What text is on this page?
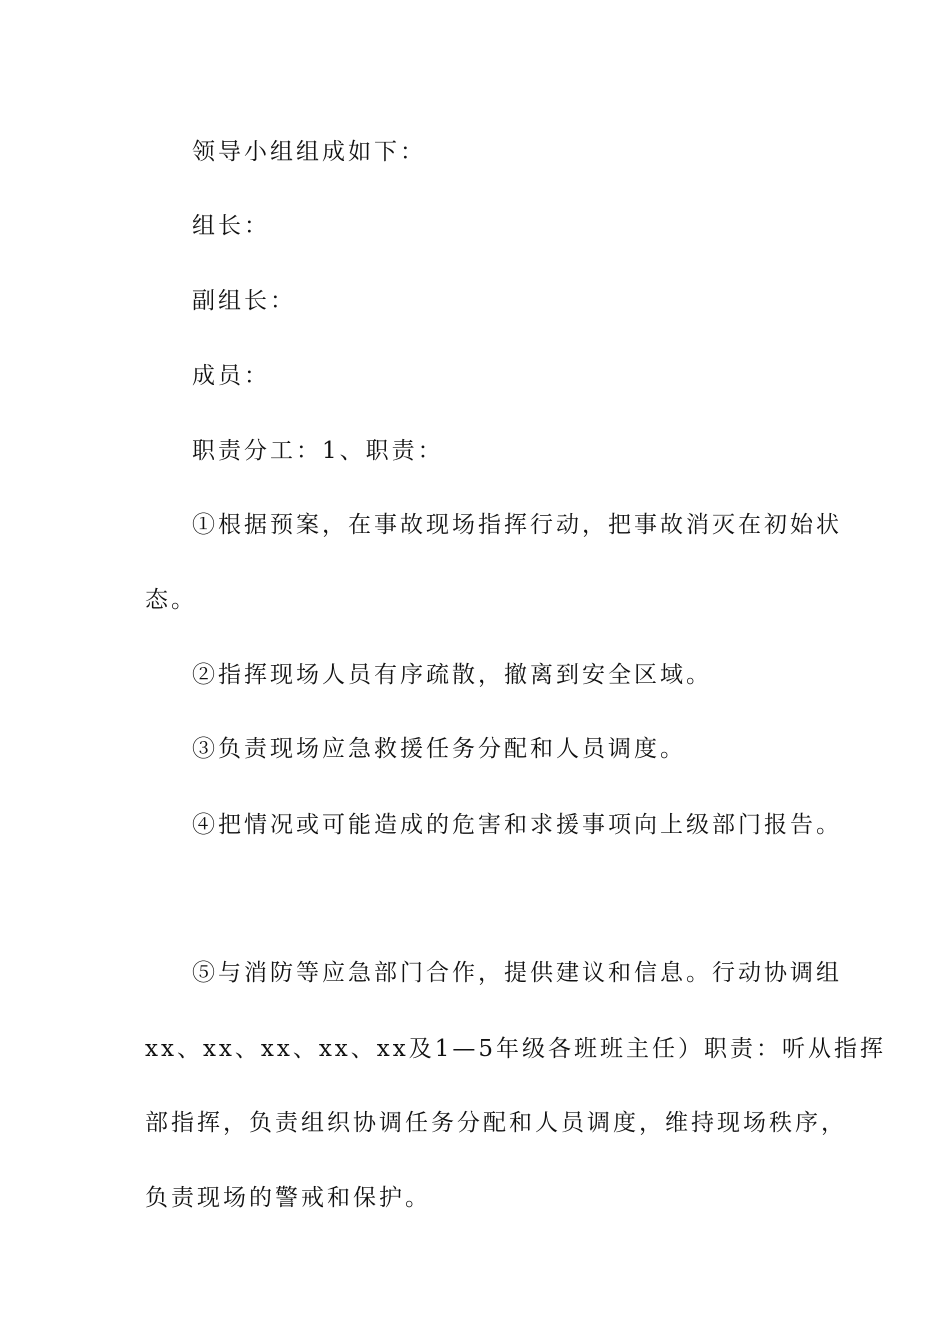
领导小组组成如下：
组长：
副组长：
成员：
职责分工：1、职责：
①根据预案，在事故现场指挥行动，把事故消灭在初始状
态。
②指挥现场人员有序疏散，撤离到安全区域。
③负责现场应急救援任务分配和人员调度。
④把情况或可能造成的危害和求援事项向上级部门报告。
⑤与消防等应急部门合作，提供建议和信息。行动协调组
xx、xx、xx、xx、xx及1—5年级各班班主任）职责：听从指挥
部指挥，负责组织协调任务分配和人员调度，维持现场秩序，
负责现场的警戒和保护。
